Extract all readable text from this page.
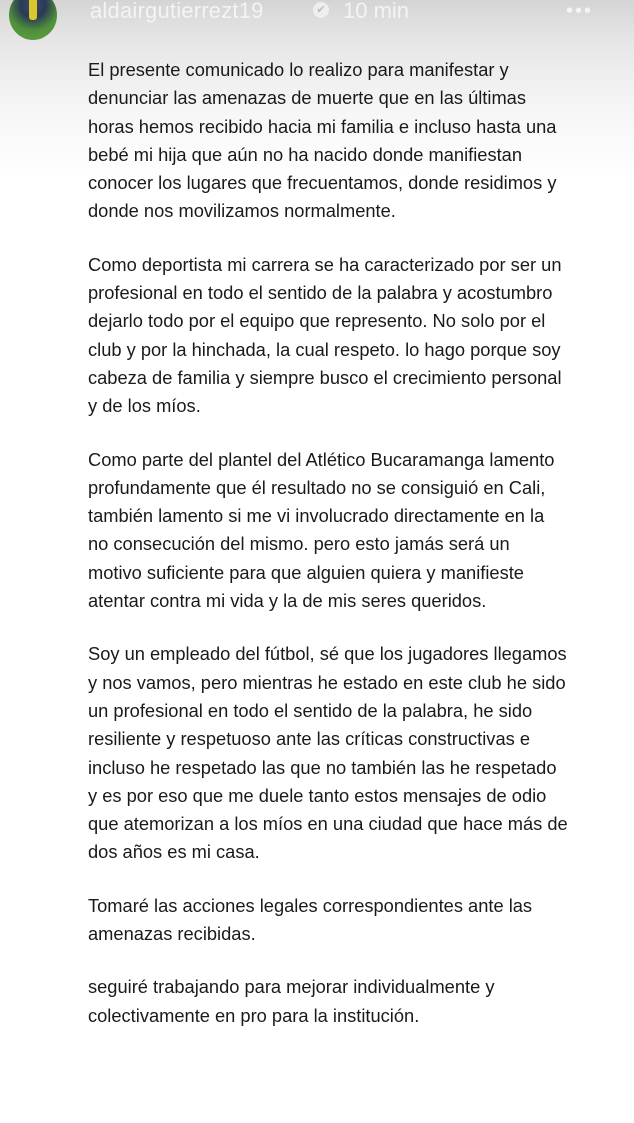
aldairgutierrezt19	✔ 10 min	•••

El presente comunicado lo realizo para manifestar y denunciar las amenazas de muerte que en las últimas horas hemos recibido hacia mi familia e incluso hasta una bebé mi hija que aún no ha nacido donde manifiestan conocer los lugares que frecuentamos, donde residimos y donde nos movilizamos normalmente.

Como deportista mi carrera se ha caracterizado por ser un profesional en todo el sentido de la palabra y acostumbro dejarlo todo por el equipo que represento. No solo por el club y por la hinchada, la cual respeto. lo hago porque soy cabeza de familia y siempre busco el crecimiento personal y de los míos.

Como parte del plantel del Atlético Bucaramanga lamento profundamente que él resultado no se consiguió en Cali, también lamento si me vi involucrado directamente en la no consecución del mismo. pero esto jamás será un motivo suficiente para que alguien quiera y manifieste atentar contra mi vida y la de mis seres queridos.

Soy un empleado del fútbol, sé que los jugadores llegamos y nos vamos, pero mientras he estado en este club he sido un profesional en todo el sentido de la palabra, he sido resiliente y respetuoso ante las críticas constructivas e incluso he respetado las que no también las he respetado y es por eso que me duele tanto estos mensajes de odio que atemorizan a los míos en una ciudad que hace más de dos años es mi casa.

Tomaré las acciones legales correspondientes ante las amenazas recibidas.

seguiré trabajando para mejorar individualmente y colectivamente en pro para la institución.
